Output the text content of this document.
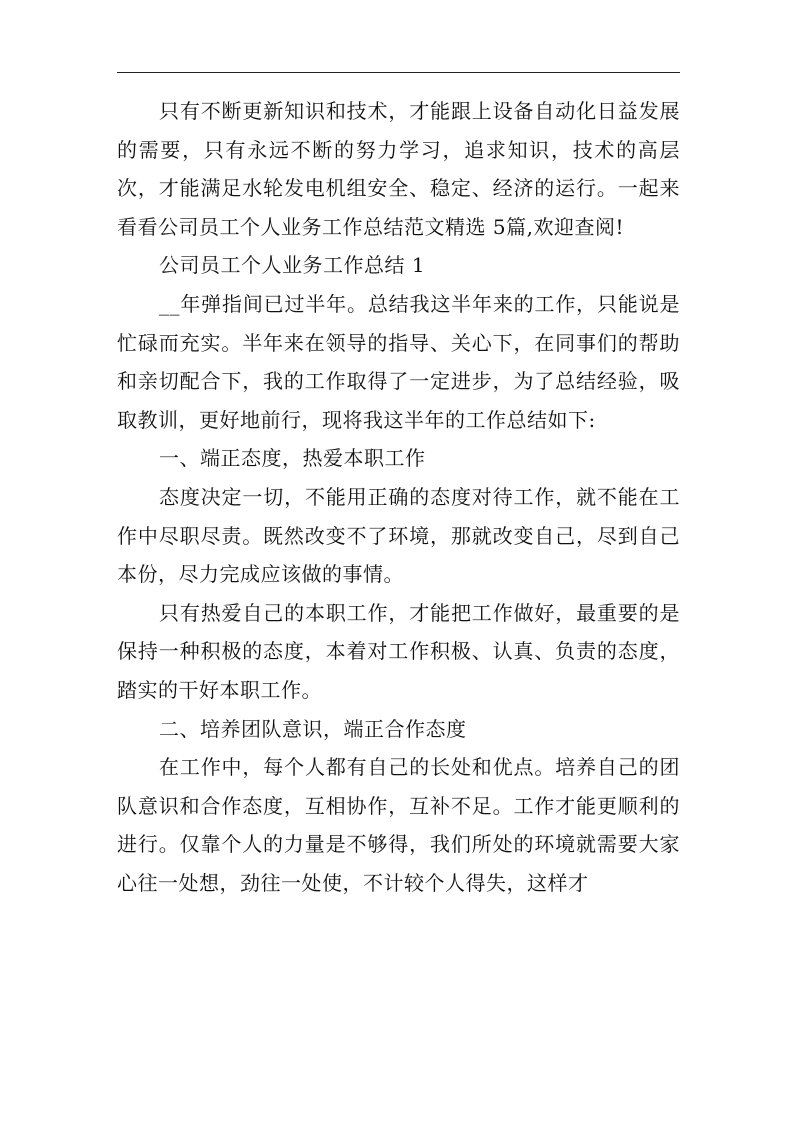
只有不断更新知识和技术，才能跟上设备自动化日益发展的需要，只有永远不断的努力学习，追求知识，技术的高层次，才能满足水轮发电机组安全、稳定、经济的运行。一起来看看公司员工个人业务工作总结范文精选 5篇,欢迎查阅!

公司员工个人业务工作总结 1

__年弹指间已过半年。总结我这半年来的工作，只能说是忙碌而充实。半年来在领导的指导、关心下，在同事们的帮助和亲切配合下，我的工作取得了一定进步，为了总结经验，吸取教训，更好地前行，现将我这半年的工作总结如下:

一、端正态度，热爱本职工作

态度决定一切，不能用正确的态度对待工作，就不能在工作中尽职尽责。既然改变不了环境，那就改变自己，尽到自己本份，尽力完成应该做的事情。

只有热爱自己的本职工作，才能把工作做好，最重要的是保持一种积极的态度，本着对工作积极、认真、负责的态度，踏实的干好本职工作。

二、培养团队意识，端正合作态度

在工作中，每个人都有自己的长处和优点。培养自己的团队意识和合作态度，互相协作，互补不足。工作才能更顺利的进行。仅靠个人的力量是不够得，我们所处的环境就需要大家心往一处想，劲往一处使，不计较个人得失，这样才
